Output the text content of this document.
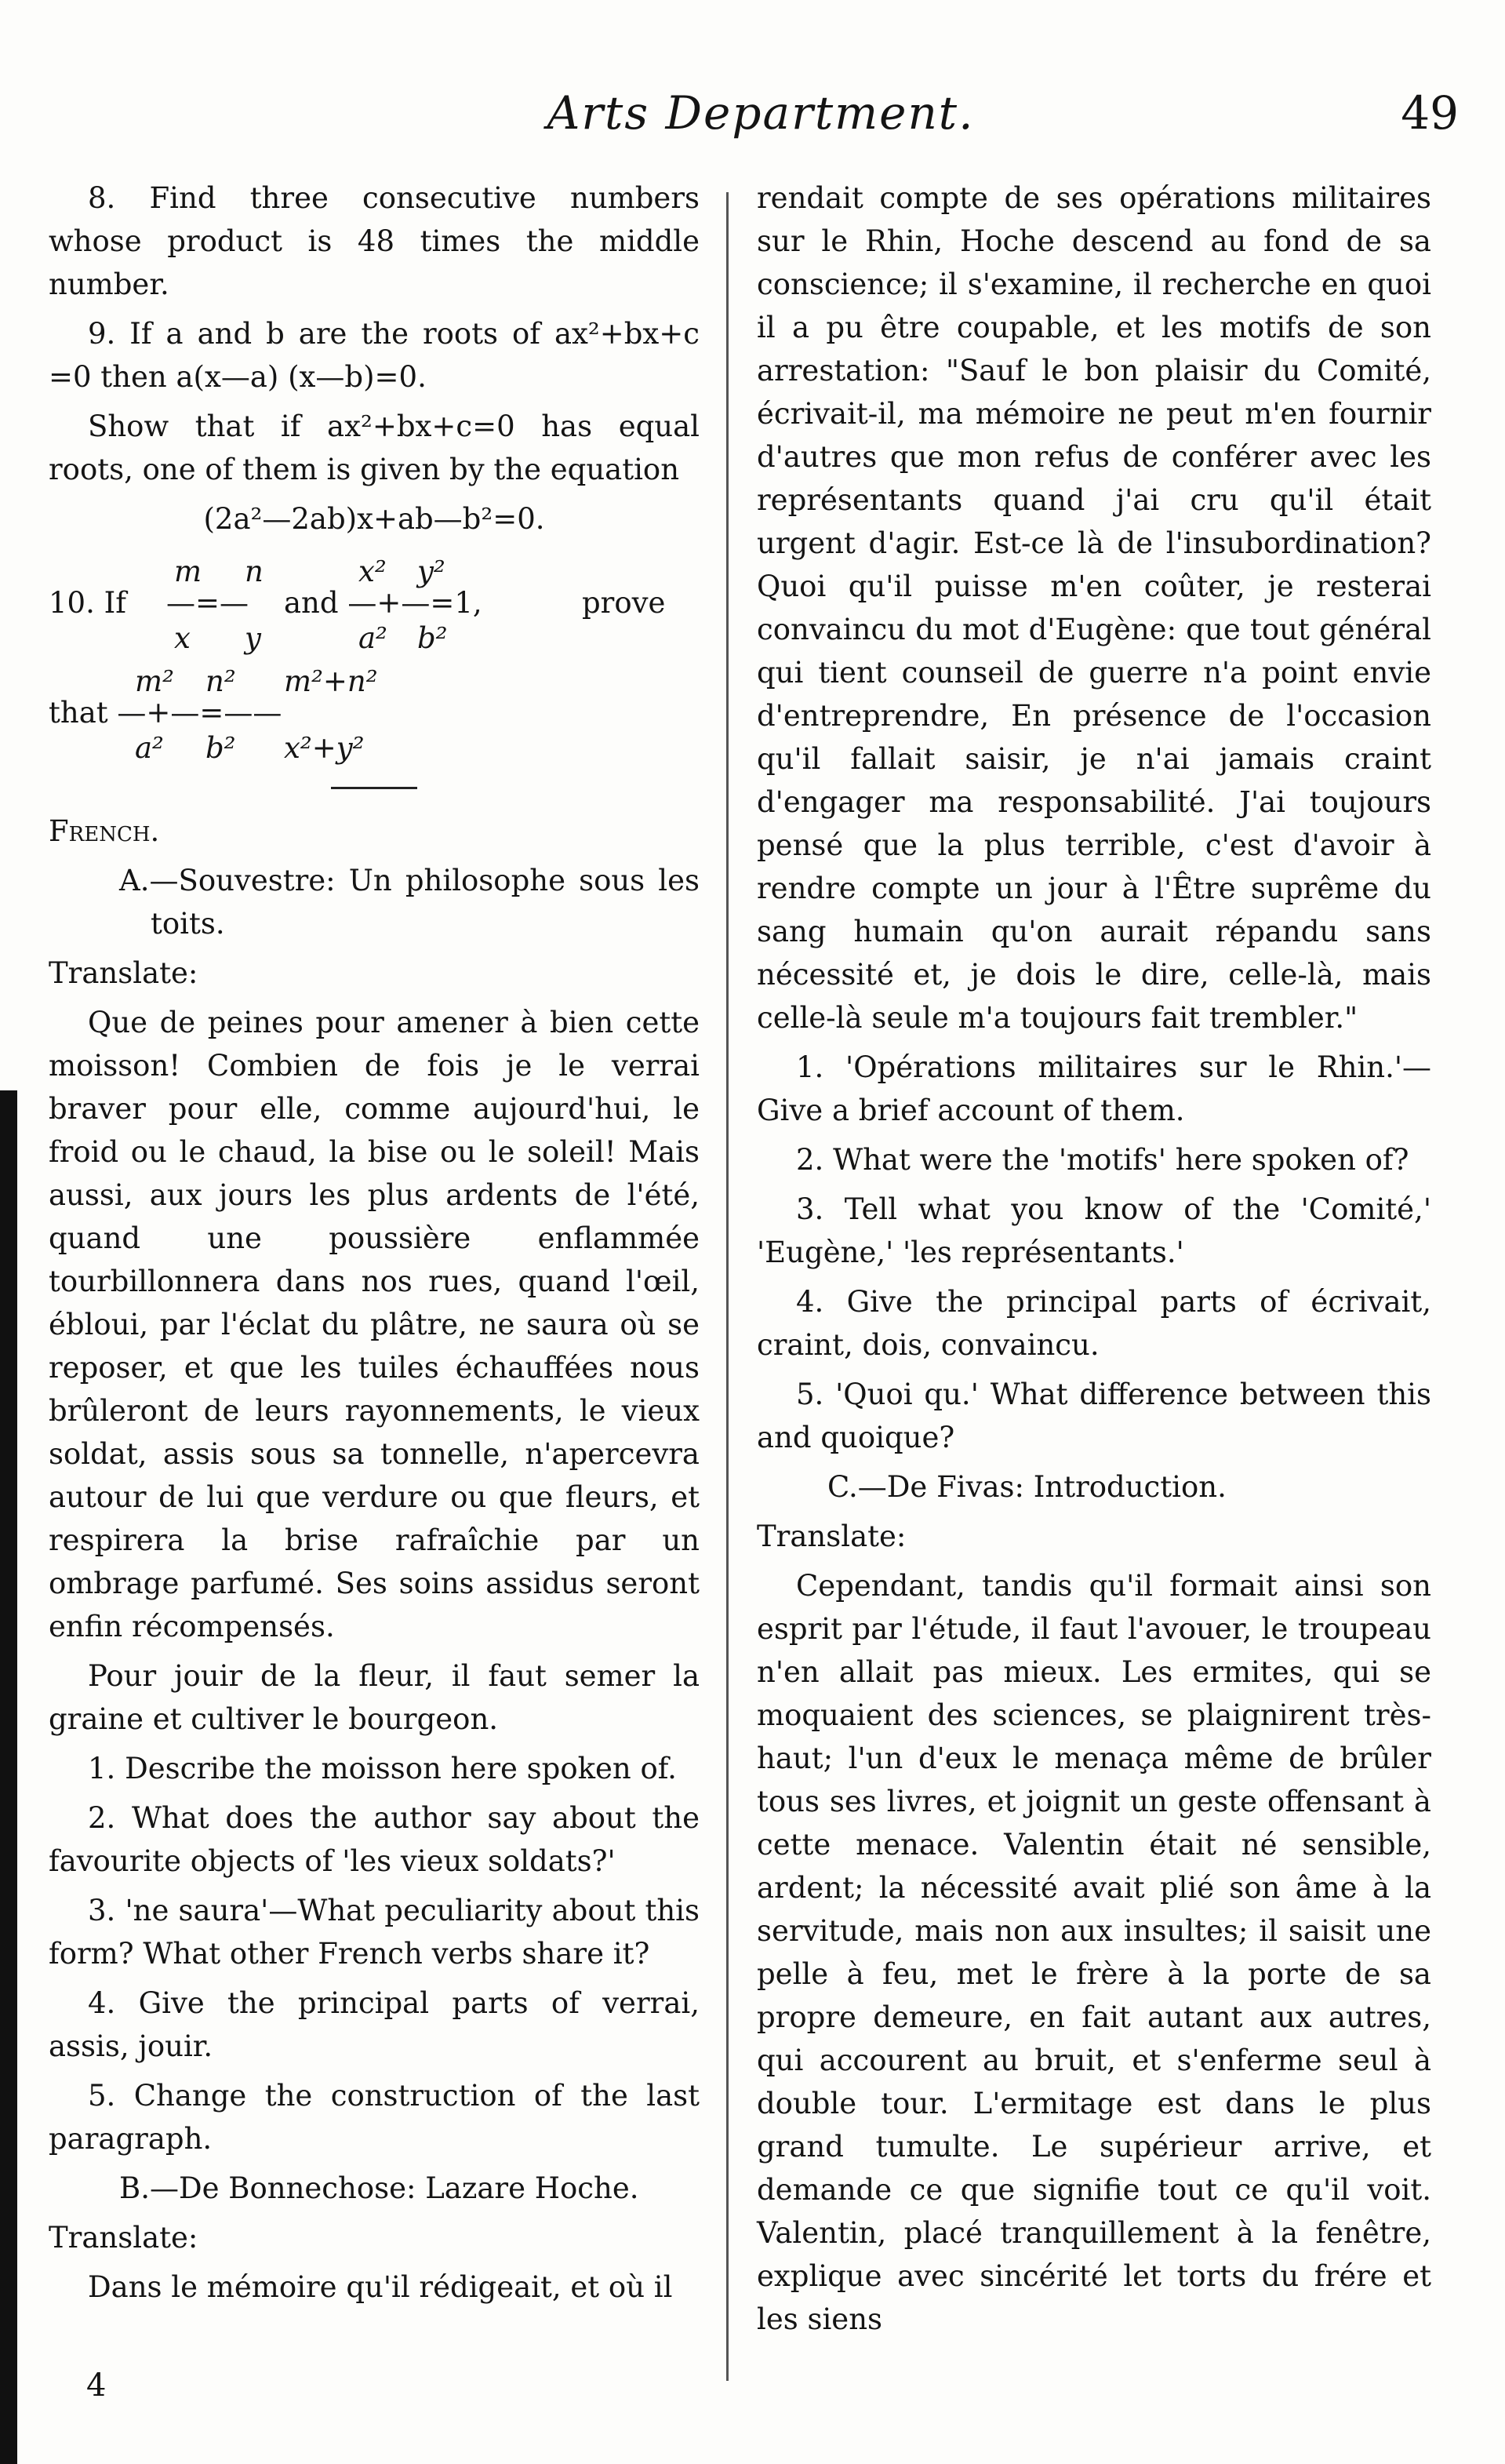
Arts Department.	49

8. Find three consecutive numbers whose product is 48 times the middle number.

9. If a and b are the roots of ax²+bx+c =0 then a(x—a) (x—b)=0.

Show that if ax²+bx+c=0 has equal roots, one of them is given by the equation

(2a²—2ab)x+ab—b²=0.

m n	x² y²
10. If —=— and —+—=1,	prove
x y	a² b²
m² n² m²+n²
that —+—=——
a² b² x²+y²

French.

A.—Souvestre: Un philosophe sous les toits.

Translate:

Que de peines pour amener à bien cette moisson! Combien de fois je le verrai braver pour elle, comme aujourd'hui, le froid ou le chaud, la bise ou le soleil! Mais aussi, aux jours les plus ardents de l'été, quand une poussière enflammée tourbillonnera dans nos rues, quand l'œil, ébloui, par l'éclat du plâtre, ne saura où se reposer, et que les tuiles échauffées nous brûleront de leurs rayonnements, le vieux soldat, assis sous sa tonnelle, n'apercevra autour de lui que verdure ou que fleurs, et respirera la brise rafraîchie par un ombrage parfumé. Ses soins assidus seront enfin récompensés.

Pour jouir de la fleur, il faut semer la graine et cultiver le bourgeon.

1. Describe the moisson here spoken of.

2. What does the author say about the favourite objects of 'les vieux soldats?'

3. 'ne saura'—What peculiarity about this form? What other French verbs share it?

4. Give the principal parts of verrai, assis, jouir.

5. Change the construction of the last paragraph.

B.—De Bonnechose: Lazare Hoche.

Translate:

Dans le mémoire qu'il rédigeait, et où il

rendait compte de ses opérations militaires sur le Rhin, Hoche descend au fond de sa conscience; il s'examine, il recherche en quoi il a pu être coupable, et les motifs de son arrestation: "Sauf le bon plaisir du Comité, écrivait-il, ma mémoire ne peut m'en fournir d'autres que mon refus de conférer avec les représentants quand j'ai cru qu'il était urgent d'agir. Est-ce là de l'insubordination? Quoi qu'il puisse m'en coûter, je resterai convaincu du mot d'Eugène: que tout général qui tient counseil de guerre n'a point envie d'entreprendre, En présence de l'occasion qu'il fallait saisir, je n'ai jamais craint d'engager ma responsabilité. J'ai toujours pensé que la plus terrible, c'est d'avoir à rendre compte un jour à l'Être suprême du sang humain qu'on aurait répandu sans nécessité et, je dois le dire, celle-là, mais celle-là seule m'a toujours fait trembler."

1. 'Opérations militaires sur le Rhin.'—Give a brief account of them.

2. What were the 'motifs' here spoken of?

3. Tell what you know of the 'Comité,' 'Eugène,' 'les représentants.'

4. Give the principal parts of écrivait, craint, dois, convaincu.

5. 'Quoi qu.' What difference between this and quoique?

C.—De Fivas: Introduction.

Translate:

Cependant, tandis qu'il formait ainsi son esprit par l'étude, il faut l'avouer, le troupeau n'en allait pas mieux. Les ermites, qui se moquaient des sciences, se plaignirent très-haut; l'un d'eux le menaça même de brûler tous ses livres, et joignit un geste offensant à cette menace. Valentin était né sensible, ardent; la nécessité avait plié son âme à la servitude, mais non aux insultes; il saisit une pelle à feu, met le frère à la porte de sa propre demeure, en fait autant aux autres, qui accourent au bruit, et s'enferme seul à double tour. L'ermitage est dans le plus grand tumulte. Le supérieur arrive, et demande ce que signifie tout ce qu'il voit. Valentin, placé tranquillement à la fenêtre, explique avec sincérité let torts du frére et les siens

4
